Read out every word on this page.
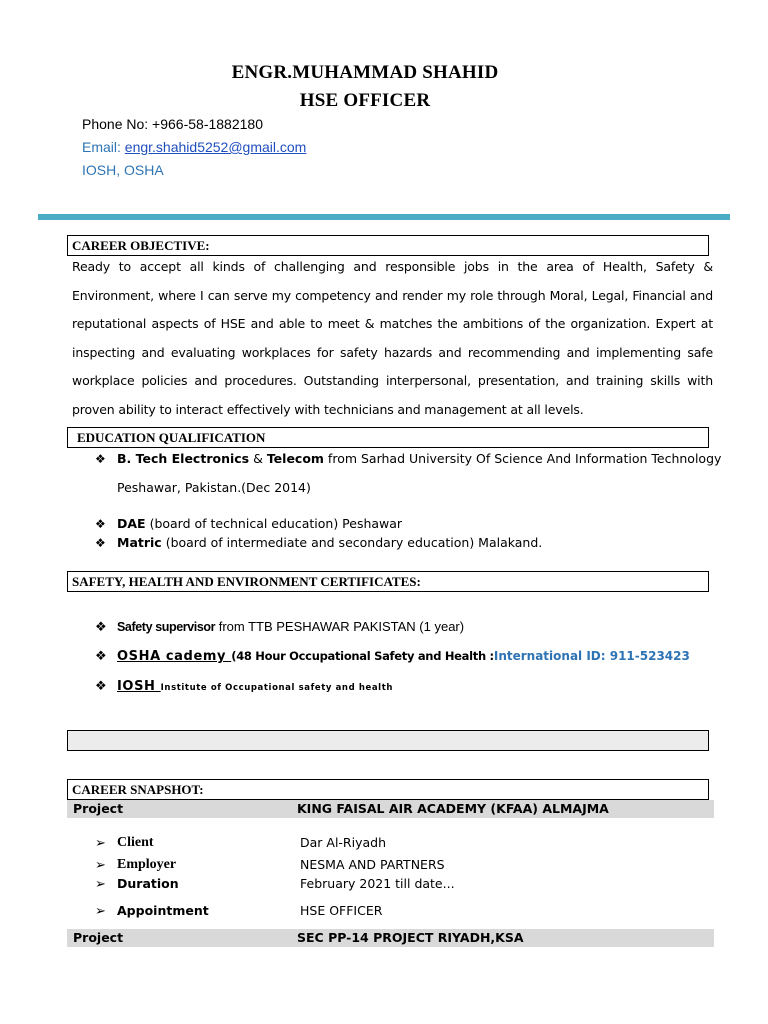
ENGR.MUHAMMAD SHAHID
HSE OFFICER
Phone No: +966-58-1882180
Email: engr.shahid5252@gmail.com
IOSH, OSHA
CAREER OBJECTIVE:
Ready to accept all kinds of challenging and responsible jobs in the area of Health, Safety &
Environment, where I can serve my competency and render my role through Moral, Legal, Financial and
reputational aspects of HSE and able to meet & matches the ambitions of the organization. Expert at
inspecting and evaluating workplaces for safety hazards and recommending and implementing safe
workplace policies and procedures. Outstanding interpersonal, presentation, and training skills with
proven ability to interact effectively with technicians and management at all levels.
EDUCATION QUALIFICATION
❖ B. Tech Electronics & Telecom from Sarhad University Of Science And Information Technology
Peshawar, Pakistan.(Dec 2014)
❖ DAE (board of technical education) Peshawar
❖ Matric (board of intermediate and secondary education) Malakand.
SAFETY, HEALTH AND ENVIRONMENT CERTIFICATES:
❖ Safety supervisor from TTB PESHAWAR PAKISTAN (1 year)
❖ OSHA cademy (48 Hour Occupational Safety and Health :International ID: 911-523423
❖ IOSH Institute of Occupational safety and health
CAREER SNAPSHOT:
Project	KING FAISAL AIR ACADEMY (KFAA) ALMAJMA
➢ Client	Dar Al-Riyadh
➢ Employer	NESMA AND PARTNERS
➢ Duration	February 2021 till date...
➢ Appointment	HSE OFFICER
Project	SEC PP-14 PROJECT RIYADH,KSA
